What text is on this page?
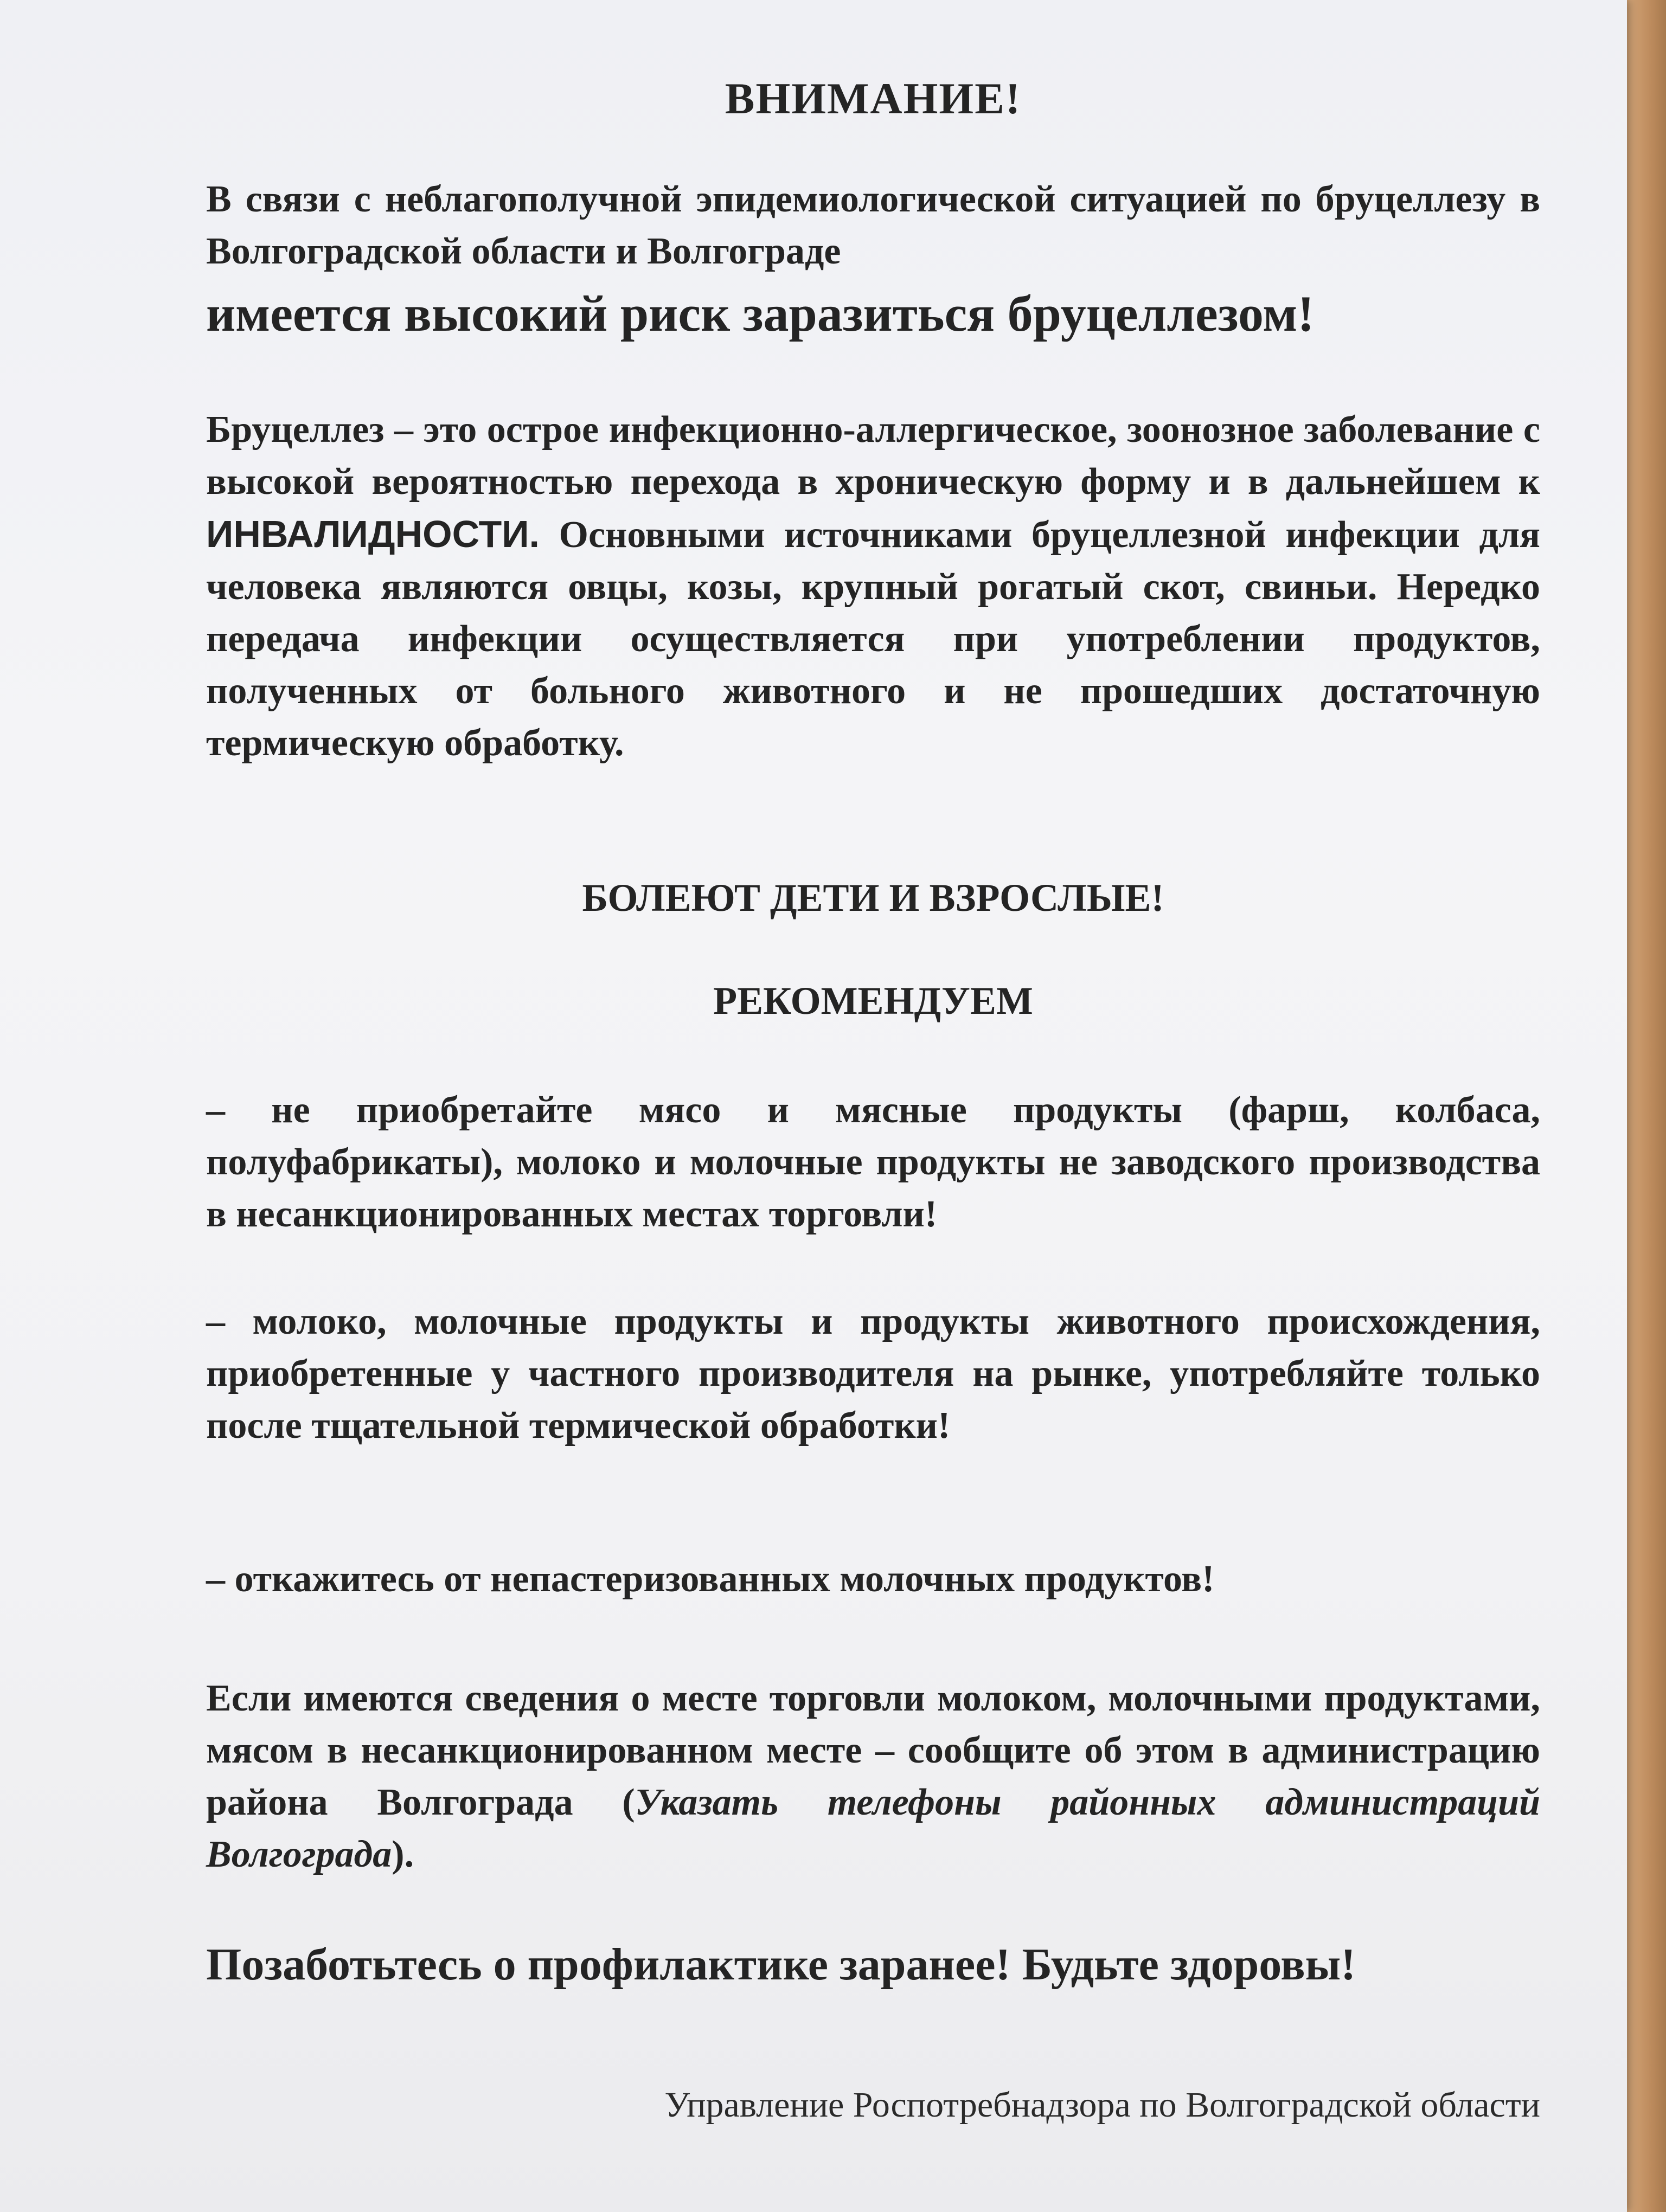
ВНИМАНИЕ!
В связи с неблагополучной эпидемиологической ситуацией по бруцеллезу в Волгоградской области и Волгограде
имеется высокий риск заразиться бруцеллезом!
Бруцеллез – это острое инфекционно-аллергическое, зоонозное заболевание с высокой вероятностью перехода в хроническую форму и в дальнейшем к ИНВАЛИДНОСТИ. Основными источниками бруцеллезной инфекции для человека являются овцы, козы, крупный рогатый скот, свиньи. Нередко передача инфекции осуществляется при употреблении продуктов, полученных от больного животного и не прошедших достаточную термическую обработку.
БОЛЕЮТ ДЕТИ И ВЗРОСЛЫЕ!
РЕКОМЕНДУЕМ
– не приобретайте мясо и мясные продукты (фарш, колбаса, полуфабрикаты), молоко и молочные продукты не заводского производства в несанкционированных местах торговли!
– молоко, молочные продукты и продукты животного происхождения, приобретенные у частного производителя на рынке, употребляйте только после тщательной термической обработки!
– откажитесь от непастеризованных молочных продуктов!
Если имеются сведения о месте торговли молоком, молочными продуктами, мясом в несанкционированном месте – сообщите об этом в администрацию района Волгограда (Указать телефоны районных администраций Волгограда).
Позаботьтесь о профилактике заранее! Будьте здоровы!
Управление Роспотребнадзора по Волгоградской области
